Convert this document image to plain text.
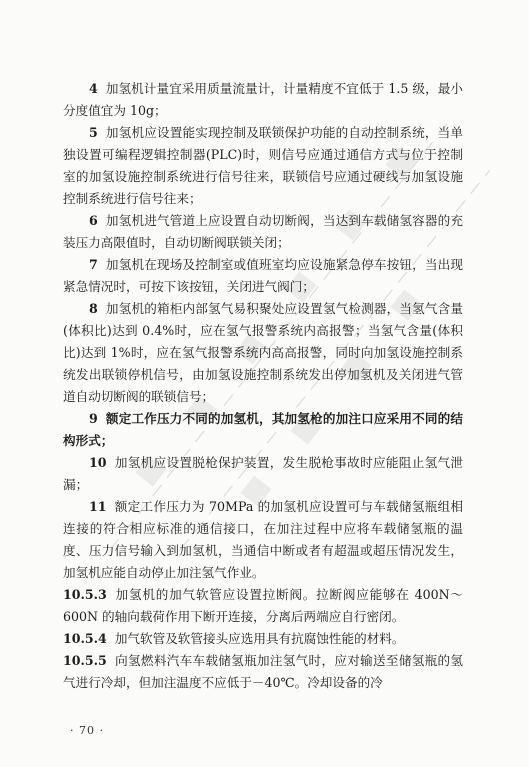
4 加氢机计量宜采用质量流量计，计量精度不宜低于 1.5 级，最小分度值宜为 10g；

5 加氢机应设置能实现控制及联锁保护功能的自动控制系统，当单独设置可编程逻辑控制器(PLC)时，则信号应通过通信方式与位于控制室的加氢设施控制系统进行信号往来，联锁信号应通过硬线与加氢设施控制系统进行信号往来；

6 加氢机进气管道上应设置自动切断阀，当达到车载储氢容器的充装压力高限值时，自动切断阀联锁关闭；

7 加氢机在现场及控制室或值班室均应设施紧急停车按钮，当出现紧急情况时，可按下该按钮，关闭进气阀门；

8 加氢机的箱柜内部氢气易积聚处应设置氢气检测器，当氢气含量(体积比)达到 0.4%时，应在氢气报警系统内高报警；当氢气含量(体积比)达到 1%时，应在氢气报警系统内高高报警，同时向加氢设施控制系统发出联锁停机信号，由加氢设施控制系统发出停加氢机及关闭进气管道自动切断阀的联锁信号；

9 额定工作压力不同的加氢机，其加氢枪的加注口应采用不同的结构形式；

10 加氢机应设置脱枪保护装置，发生脱枪事故时应能阻止氢气泄漏；

11 额定工作压力为 70MPa 的加氢机应设置可与车载储氢瓶组相连接的符合相应标准的通信接口，在加注过程中应将车载储氢瓶的温度、压力信号输入到加氢机，当通信中断或者有超温或超压情况发生，加氢机应能自动停止加注氢气作业。

10.5.3 加氢机的加气软管应设置拉断阀。拉断阀应能够在 400N～600N 的轴向载荷作用下断开连接，分离后两端应自行密闭。

10.5.4 加气软管及软管接头应选用具有抗腐蚀性能的材料。

10.5.5 向氢燃料汽车车载储氢瓶加注氢气时，应对输送至储氢瓶的氢气进行冷却，但加注温度不应低于－40℃。冷却设备的冷

· 70 ·
